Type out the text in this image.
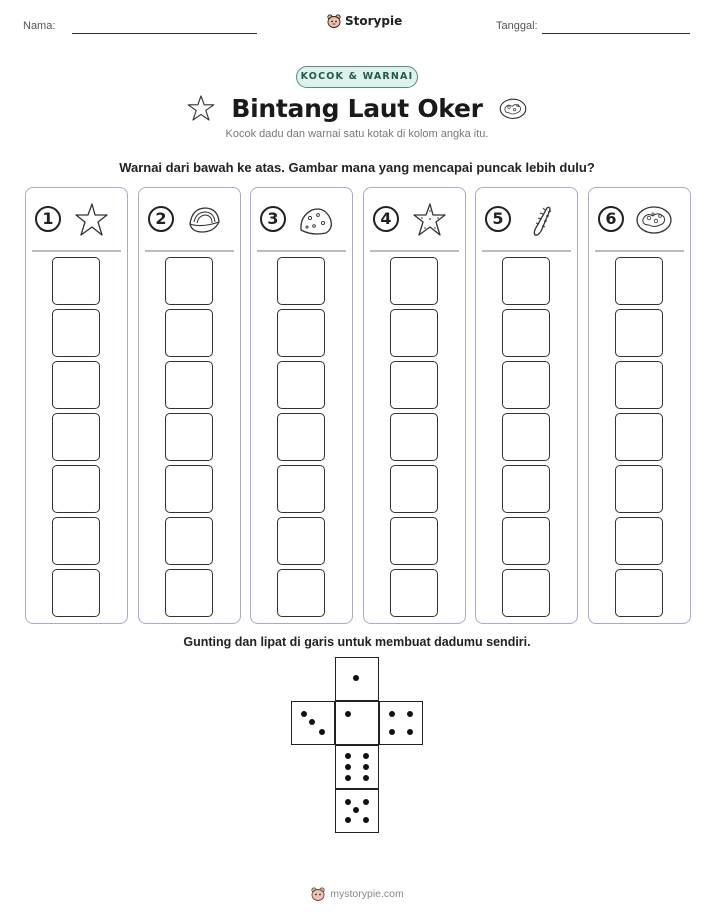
Nama:	Storypie	Tanggal:
KOCOK & WARNAI
Bintang Laut Oker
Kocok dadu dan warnai satu kotak di kolom angka itu.
Warnai dari bawah ke atas. Gambar mana yang mencapai puncak lebih dulu?
1	2	3	4	5	6
Gunting dan lipat di garis untuk membuat dadumu sendiri.
mystorypie.com
